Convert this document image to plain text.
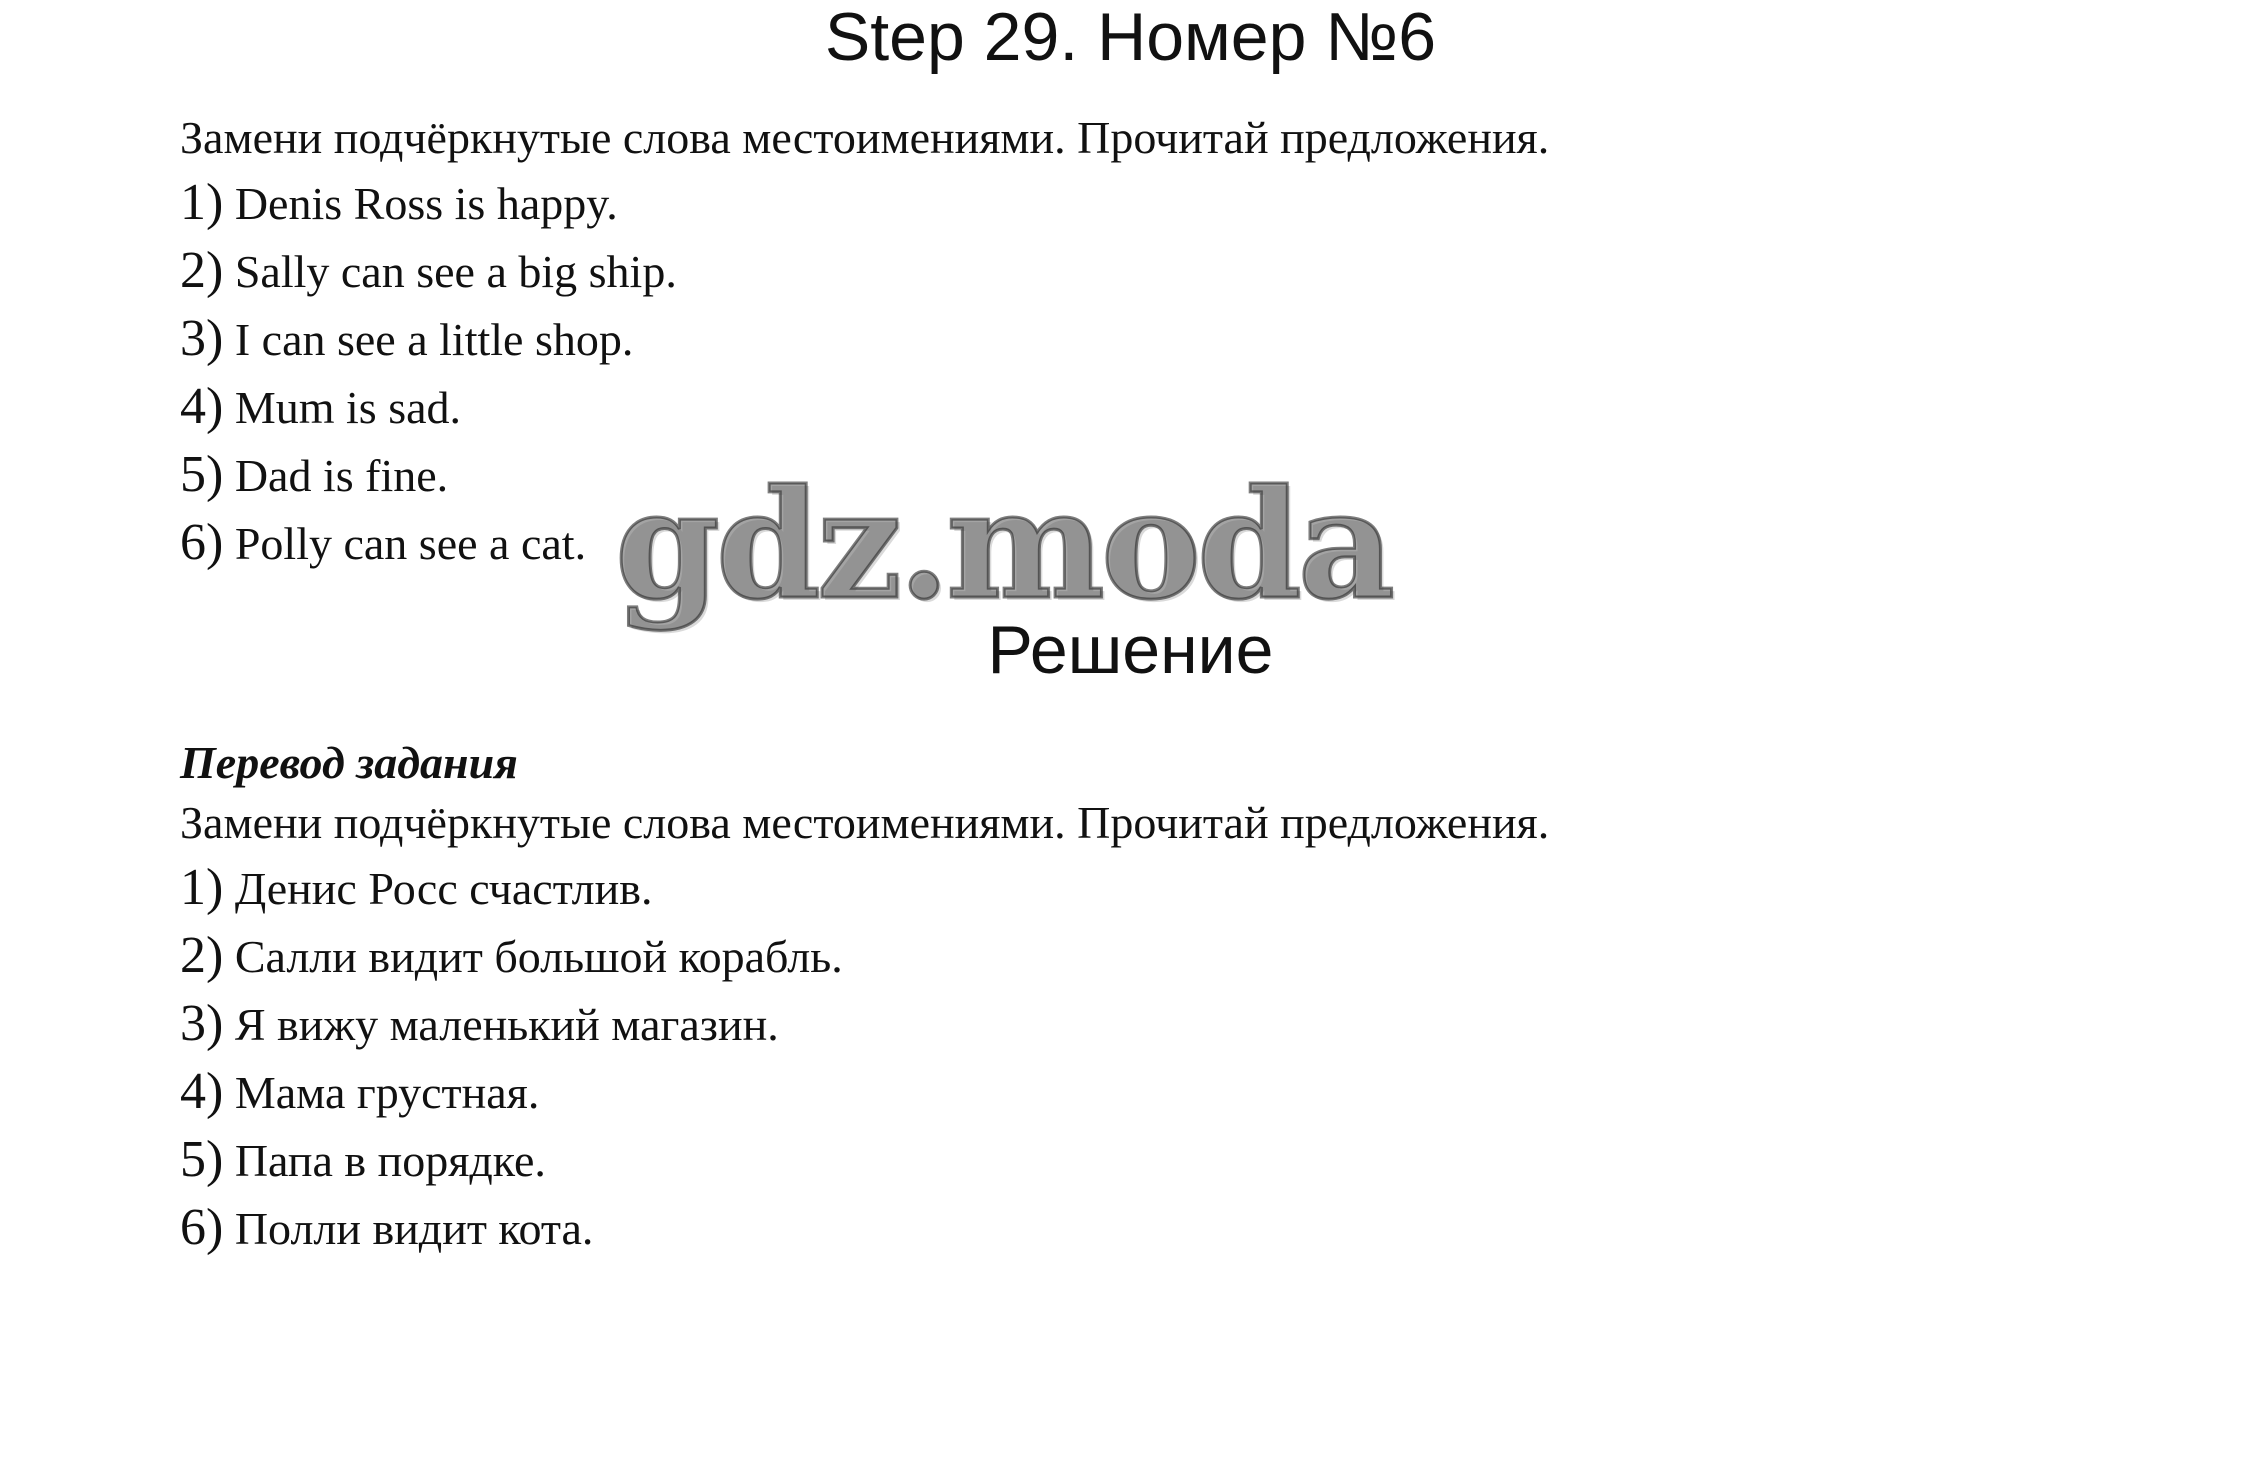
Step 29. Номер №6
Замени подчёркнутые слова местоимениями. Прочитай предложения.
1) Denis Ross is happy.
2) Sally can see a big ship.
3) I can see a little shop.
4) Mum is sad.
5) Dad is fine.
6) Polly can see a cat. gdz.moda
Решение
Перевод задания
Замени подчёркнутые слова местоимениями. Прочитай предложения.
1) Денис Росс счастлив.
2) Салли видит большой корабль.
3) Я вижу маленький магазин.
4) Мама грустная.
5) Папа в порядке.
6) Полли видит кота.
